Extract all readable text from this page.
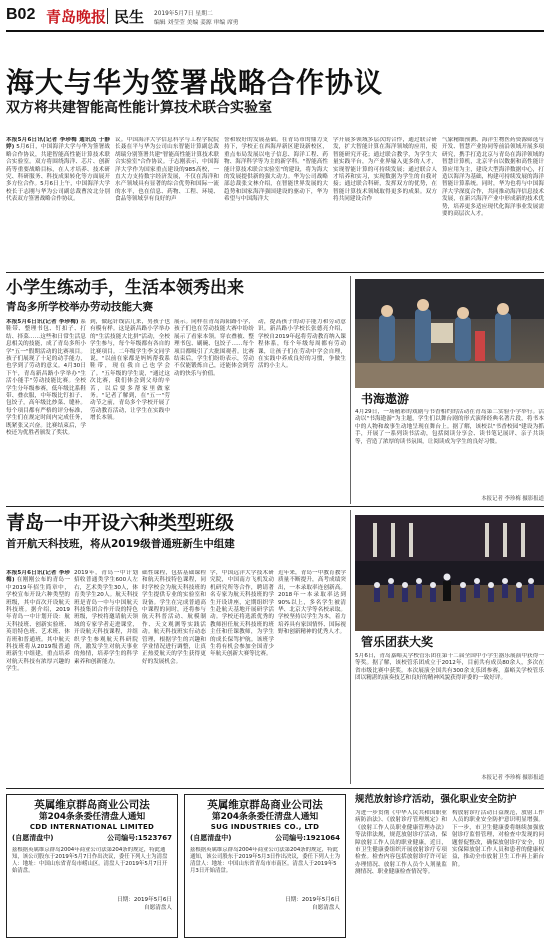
B02 青岛晚报 民生 2019年5月7日 星期二
编辑 刘莹莹 美编 姜源 审编 席勇
海大与华为签署战略合作协议
双方将共建智能高性能计算技术联合实验室
本报5月6日讯(记者 李珍梅 通讯员 于静婷) 5月6日，中国海洋大学与华为签署战略合作协议，共建智能高性能计算技术联合实验室。双方将围绕海洋、芯片、创新药等重要战略目标，在人才培养、技术研究、科研服务、科技成果转化等方面展开多方位合作。5月6日上午，中国海洋大学校长于志刚与华为公司副总裁曹汝北分别代表双方签署战略合作协议。
议。中国海洋大学信息科学与工程学院院长聂在平与华为公司山东智能计算副总裁胡瑞分别签署共建"智能高性能计算技术联合实验室"合作协议。于志刚表示，中国海洋大学作为国家重点建设的985高校，一直大力支持数字经济发展，不仅在海洋和水产领域具有显著的综合优势和国际一流的水平，也在信息、药物、工程、环境、食品等领域享有良好的声
誉和较好的发展基础。在青岛市的鼎力支持下，学校正在西海岸新区建设新校区，重点布局发展以电子信息、海洋工程、药物、海洋科学等为主的新学科。"智能高性能计算技术联合实验室"的建设，将为海大的发展提供新的强大动力。华为公司战略部总裁张文林介绍，在智能世界发展的大趋势和国家海洋强国建设的驱动下，华为希望与中国海洋大
学开展多领域多层次的合作，通过联合研发，扩大智能计算在海洋领域的应用，使智能研究开花；通过联合教学，为学生大量实践平台，为产业界输入更多的人才，实现智能计算的可持续发展；通过联合人才培养和实习，实现数据为学生的自我对接；通过联合科研，发挥双方的优势，在智能计算技术领域取得更多的成果。双方将共同建设合作
气象精细预测、海洋生物医药资源筛选与开发、智慧产业协同等前沿领域开展多项研究，携手打造北京与青岛在海洋领域的智慧计算机，北京平台以数据和高性能计算应用为主，建设大型海洋数据中心，打造以海洋为基础，构建可持续发展的海洋智能计算系统。同时，华为也将与中国海洋大学深度合作，共同推动海洋信息技术发展，在新兴海洋产业中形成新的技术优势，培养更多适应现代化海洋事业发展需要的高层次人才。
小学生练动手，生活本领秀出来
青岛多所学校举办劳动技能大赛
本报5月6日讯(记者 李珍梅) 系鞋带、整理书包、钉扣子、打结、择菜……这些和日常生活息息相关的技能，成了青岛多所小学"五一"假期活动的比赛项目。孩子们展现了十足的动手能力，也学到了劳动的意义。4月30日下午，青岛新昌路小学举办"生活小能手"劳动技能比赛。全校学生分年级参赛，低年级比系鞋带、叠衣服，中年级比钉扣子、包饺子，高年级比炒菜、缝补。每个项目都有严格的评分标准，学生们在规定时间内完成任务，既紧张又兴奋。比赛结束后，学校还为优胜者颁发了奖状。
到，做起针线活儿来，男孩子也有模有样。这是新昌路小学举办的"生活技能大比拼"活动，全校学生参与，每个年级都有各自的比赛项目。二年级学生李文同学说，"以前在家都是妈妈帮我系鞋带，现在我自己也学会了。"五年级的学生说，"通过这次比赛，我们体会到父母的辛苦，以后要多帮家里做家务。"记者了解到，在"五一"劳动节之前，青岛多个学校开展了劳动教育活动，让学生在实践中增长本领。
展示。同样在青岛海阳路小学，孩子们也在劳动技能大赛中纷纷展示了看家本领。穿衣叠被、整理书包、刷碗、包饺子……每个项目都吸引了大批围观者。比赛结束后，学生们纷纷表示，劳动不仅能锻炼自己，还能体会到劳动的快乐与价值。
动，提高孩子的动手能力和劳动意识。新昌路小学校长张德亮介绍，学校自2019年起将劳动教育纳入课程体系，每个年级每周都有劳动课，让孩子们在劳动中学会自理，在实践中养成良好的习惯，争做生活的小主人。
书海遨游
4月29日，一场精彩的戏剧与书香相约的活动在青岛第二实验小学举行。活动以"书海遨游"为主题，学生们以舞台剧的形式演绎经典名著片段，将书本中的人物和故事生动地呈现在舞台上。据了解，该校以"书香校园"建设为抓手，开展了一系列读书活动，包括阅读分享会、读书笔记展评、亲子共读等，营造了浓厚的读书氛围，让阅读成为学生的良好习惯。
本报记者 李珍梅 摄影报道
青岛一中开设六种类型班级
首开航天科技班，将从2019级普通班新生中组建
本报5月6日讯(记者 李珍梅) 在刚刚公布的青岛一中2019年招生简章中，学校宣布开设六种类型的班级，其中首次开设航天科技班。据介绍，2019年青岛一中计划开设：航天科技班、创新实验班、英语特色班、艺术班、体育班和普通班。其中航天科技班将从2019级普通班新生中组建，重点培养对航天科技有浓厚兴趣的学生。
2019年，青岛一中计划招收普通类学生600人左右，艺术类学生30人，体育类学生20人。航天科技班是青岛一中与中国航天科技集团合作开设的特色班级，学校将邀请航天领域的专家学者走进课堂，开设航天科技课程，并组织学生参观航天科研院所，激发学生对航天事业的热情，培养学生的科学素养和创新能力。
础性课程，包括基础课程和航天科技特色课程，同时学校会为航天科技班的学生提供专业的实验室和设备。学生在完成普通高中课程的同时，还将参与航天科普活动、航模制作、天文观测等实践活动。航天科技班实行动态管理，根据学生的兴趣和学业情况进行调整，让真正热爱航天的学生获得更好的发展机会。
学，中国远洋大学技术研究院，中国南方飞机发动机研究所等合作，聘请著名专家为航天科技班的学生开设讲座，定期组织学生赴航天基地开展研学活动。学校还将选派优秀的教师担任航天科技班的班主任和任课教师，为学生的成长保驾护航。该班学生将有机会参加全国青少年航天创新大赛等比赛。
近年来，青岛一中教育教学质量不断提升，高考成绩突出，一本录取率连创新高。2018年一本录取率达到90%以上，多名学生被清华、北京大学等名校录取。学校坚持以学生为本，着力培养具有家国情怀、国际视野和创新精神的优秀人才。
管乐团获大奖
5月6日，青岛嘉峪关学校管乐团在第十二届全国中小学生器乐展演中获得一等奖。据了解，该校管乐团成立于2012年，目前共有成员80余人，多次在省市级比赛中获奖。本次展演全国共有300余支乐团参赛，嘉峪关学校管乐团以精湛的演奏技艺和良好的精神风貌获得评委的一致好评。
本报记者 李珍梅 摄影报道
英属维京群岛商业公司法
第204条条委任清盘人通知
CDD INTERNATIONAL LIMITED
(自愿清盘中)	公司编号:1523767
兹根据英属维京群岛2004年商业公司法第204条的规定，特此通知，该公司股东于2019年5月7日作出决议，委任下列人士为清盘人：地址：中国山东省青岛市崂山区。清盘人于2019年5月7日开始清盘。
日期：2019年5月6日
自愿清盘人
英属维京群岛商业公司法
第204条条委任清盘人通知
SUG INDUSTRIES CO., LTD
(自愿清盘中)	公司编号:1921064
兹根据英属维京群岛2004年商业公司法第204条的规定，特此通知，该公司股东于2019年5月3日作出决议，委任下列人士为清盘人：地址：中国山东省青岛市市南区。清盘人于2019年5月3日开始清盘。
日期：2019年5月6日
自愿清盘人
规范放射诊疗活动，强化职业安全防护
为进一步贯彻《中华人民共和国职业病防治法》、《放射诊疗管理规定》和《放射工作人员职业健康管理办法》等法律法规，规范放射诊疗活动，保障放射工作人员的职业健康，近日，市卫生健康委组织开展放射诊疗专项检查。检查内容包括放射诊疗许可证办理情况、放射工作人员个人剂量监测情况、职业健康检查情况等。
构放射诊疗活动日益规范，放射工作人员的职业安全防护意识明显增强。下一步，市卫生健康委将继续加强放射诊疗监督管理，对检查中发现的问题督促整改，确保放射诊疗安全，切实保障放射工作人员和患者的健康权益，推动全市放射卫生工作再上新台阶。
